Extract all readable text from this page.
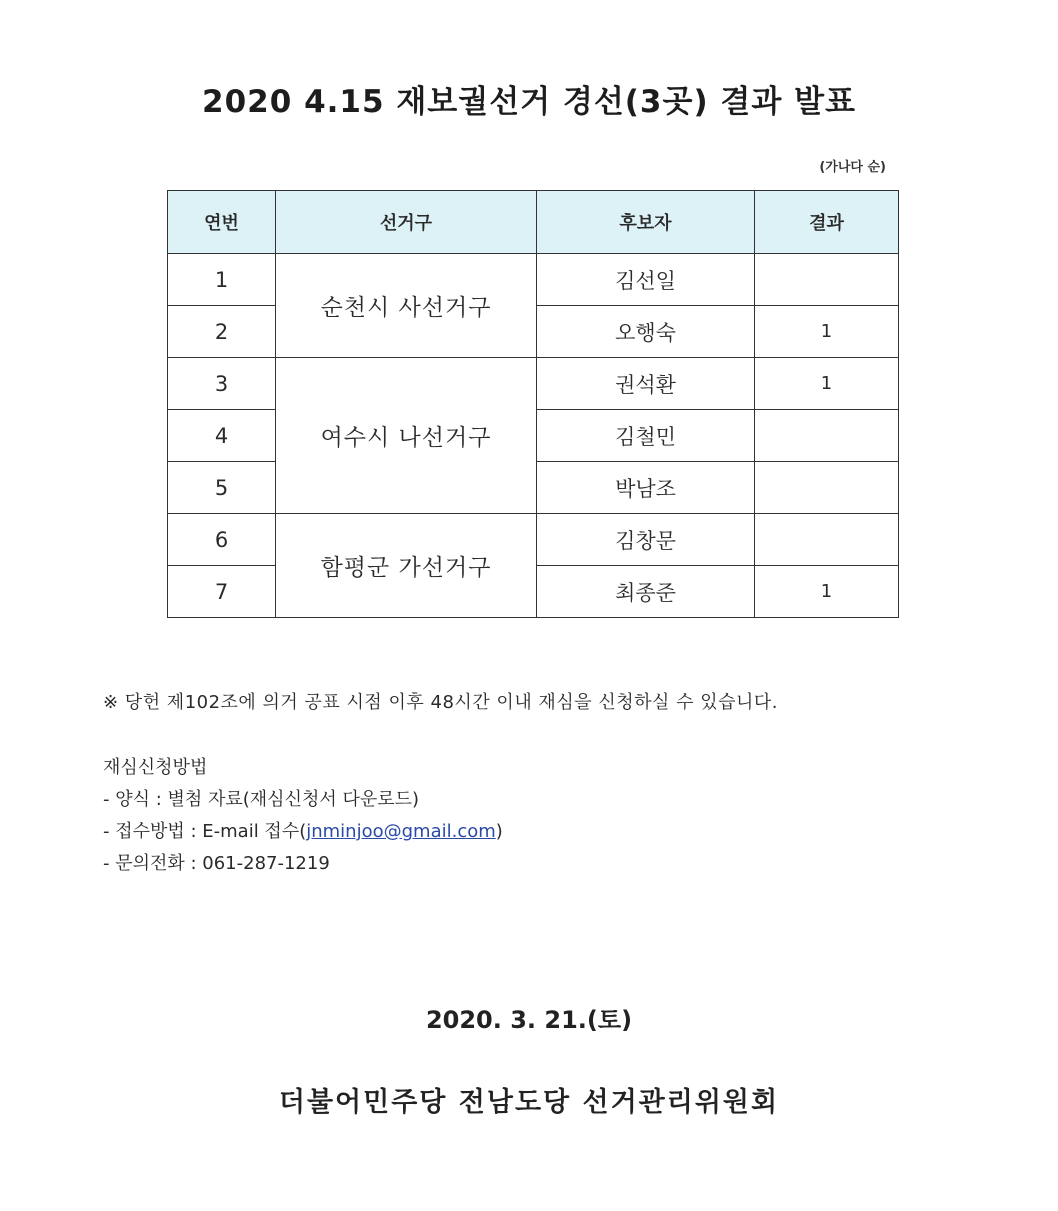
2020 4.15 재보궐선거 경선(3곳) 결과 발표
(가나다 순)
연번	선거구	후보자	결과
1	순천시 사선거구	김선일	
2		오행숙	1
3	여수시 나선거구	권석환	1
4		김철민	
5		박남조	
6	함평군 가선거구	김창문	
7		최종준	1
※ 당헌 제102조에 의거 공표 시점 이후 48시간 이내 재심을 신청하실 수 있습니다.
재심신청방법
- 양식 : 별첨 자료(재심신청서 다운로드)
- 접수방법 : E-mail 접수(jnminjoo@gmail.com)
- 문의전화 : 061-287-1219
2020. 3. 21.(토)
더불어민주당 전남도당 선거관리위원회
